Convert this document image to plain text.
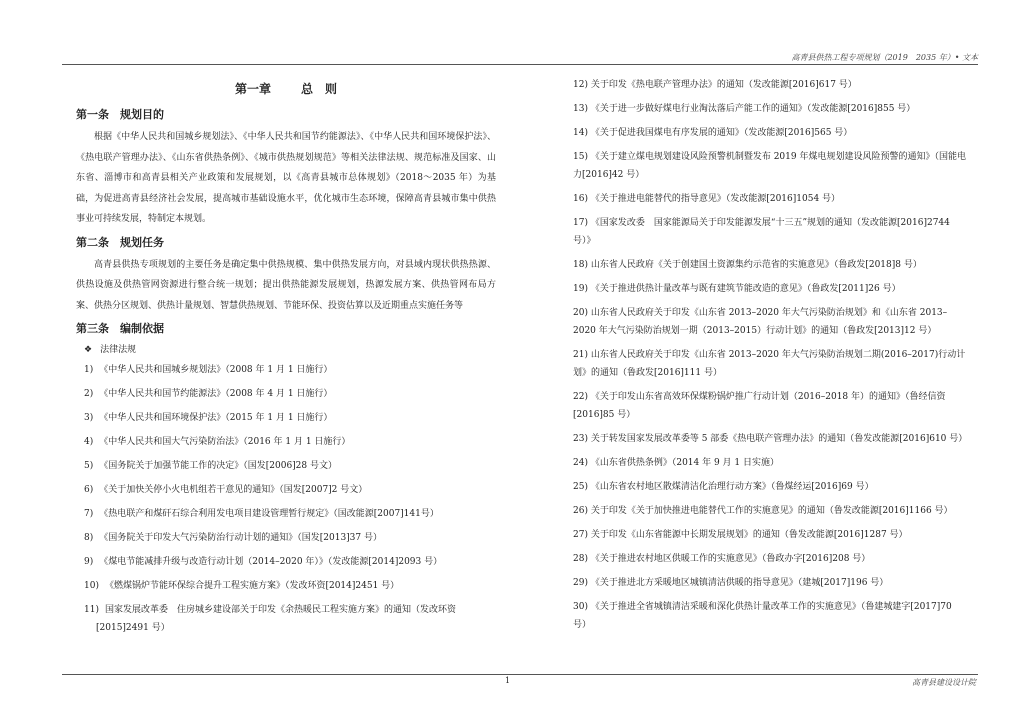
高青县供热工程专项规划（2019　2035 年）• 文本

第一章	总　则

第一条　规划目的

根据《中华人民共和国城乡规划法》、《中华人民共和国节约能源法》、《中华人民共和国环境保护法》、《热电联产管理办法》、《山东省供热条例》、《城市供热规划规范》等相关法律法规、规范标准及国家、山东省、淄博市和高青县相关产业政策和发展规划，以《高青县城市总体规划》（2018～2035 年）为基础，为促进高青县经济社会发展，提高城市基础设施水平，优化城市生态环境，保障高青县城市集中供热事业可持续发展，特制定本规划。

第二条　规划任务

高青县供热专项规划的主要任务是确定集中供热规模、集中供热发展方向，对县域内现状供热热源、供热设施及供热管网资源进行整合统一规划；提出供热能源发展规划，热源发展方案、供热管网布局方案、供热分区规划、供热计量规划、智慧供热规划、节能环保、投资估算以及近期重点实施任务等

第三条　编制依据
❖ 法律法规
1) 《中华人民共和国城乡规划法》（2008 年 1 月 1 日施行）
2) 《中华人民共和国节约能源法》（2008 年 4 月 1 日施行）
3) 《中华人民共和国环境保护法》（2015 年 1 月 1 日施行）
4) 《中华人民共和国大气污染防治法》（2016 年 1 月 1 日施行）
5) 《国务院关于加强节能工作的决定》（国发[2006]28 号文）
6) 《关于加快关停小火电机组若干意见的通知》（国发[2007]2 号文）
7) 《热电联产和煤矸石综合利用发电项目建设管理暂行规定》（国改能源[2007]141号）
8) 《国务院关于印发大气污染防治行动计划的通知》（国发[2013]37 号）
9) 《煤电节能减排升级与改造行动计划（2014–2020 年）》（发改能源[2014]2093 号）
10) 《燃煤锅炉节能环保综合提升工程实施方案》（发改环资[2014]2451 号）
11) 国家发展改革委　住房城乡建设部关于印发《余热暖民工程实施方案》的通知（发改环资[2015]2491 号）
12) 关于印发《热电联产管理办法》的通知（发改能源[2016]617 号）
13) 《关于进一步做好煤电行业淘汰落后产能工作的通知》（发改能源[2016]855 号）
14) 《关于促进我国煤电有序发展的通知》（发改能源[2016]565 号）
15) 《关于建立煤电规划建设风险预警机制暨发布 2019 年煤电规划建设风险预警的通知》（国能电力[2016]42 号）
16) 《关于推进电能替代的指导意见》（发改能源[2016]1054 号）
17) 《国家发改委　国家能源局关于印发能源发展“十三五”规划的通知（发改能源[2016]2744 号）》
18) 山东省人民政府《关于创建国土资源集约示范省的实施意见》（鲁政发[2018]8 号）
19) 《关于推进供热计量改革与既有建筑节能改造的意见》（鲁政发[2011]26 号）
20) 山东省人民政府关于印发《山东省 2013–2020 年大气污染防治规划》和《山东省 2013–2020 年大气污染防治规划一期（2013–2015）行动计划》的通知（鲁政发[2013]12 号）
21) 山东省人民政府关于印发《山东省 2013–2020 年大气污染防治规划二期(2016–2017)行动计划》的通知（鲁政发[2016]111 号）
22) 《关于印发山东省高效环保煤粉锅炉推广行动计划（2016–2018 年）的通知》（鲁经信资[2016]85 号）
23) 关于转发国家发展改革委等 5 部委《热电联产管理办法》的通知（鲁发改能源[2016]610 号）
24) 《山东省供热条例》（2014 年 9 月 1 日实施）
25) 《山东省农村地区散煤清洁化治理行动方案》（鲁煤经运[2016]69 号）
26) 关于印发《关于加快推进电能替代工作的实施意见》的通知（鲁发改能源[2016]1166 号）
27) 关于印发《山东省能源中长期发展规划》的通知（鲁发改能源[2016]1287 号）
28) 《关于推进农村地区供暖工作的实施意见》（鲁政办字[2016]208 号）
29) 《关于推进北方采暖地区城镇清洁供暖的指导意见》（建城[2017]196 号）
30) 《关于推进全省城镇清洁采暖和深化供热计量改革工作的实施意见》（鲁建城建字[2017]70 号）
1	高青县建设设计院
